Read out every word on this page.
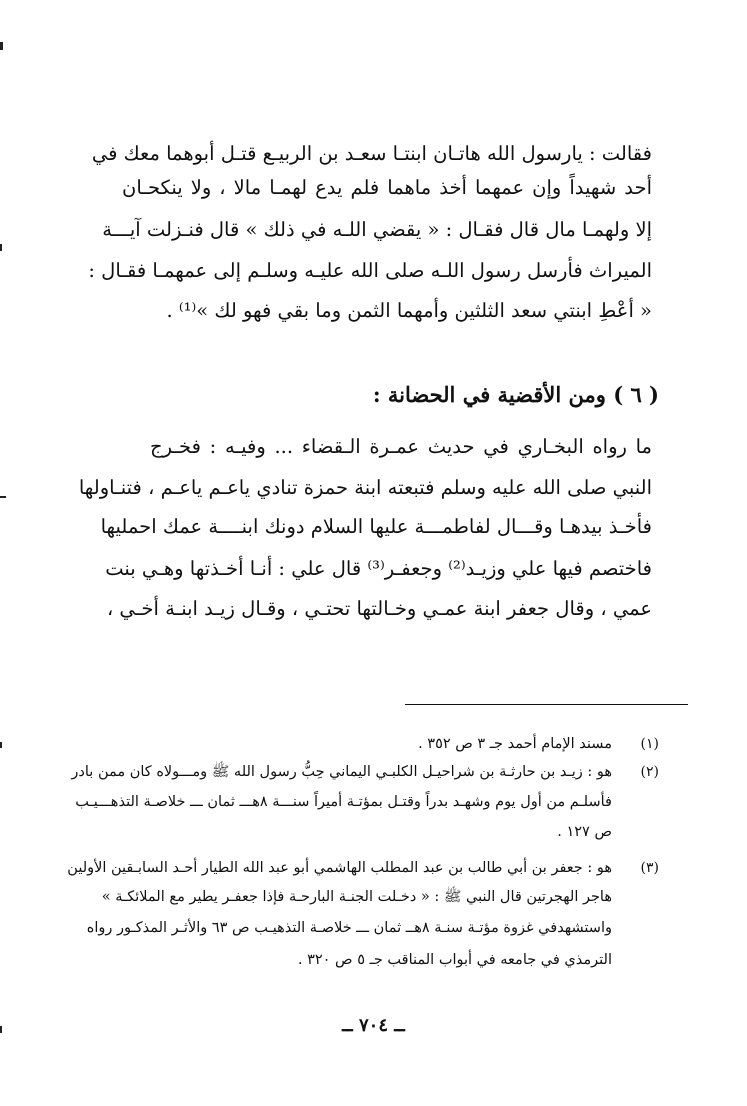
فقالت : يارسول الله هاتـان ابنتـا سعـد بن الربيـع قتـل أبوهما معك في
أحد شهيداً وإن عمهما أخذ ماهما فلم يدع لهمـا مالا ، ولا ينكحـان
إلا ولهمـا مال قال فقـال : « يقضي اللـه في ذلك » قال فنـزلت آيـــة
الميراث فأرسل رسول اللـه صلى الله عليـه وسلـم إلى عمهمـا فقـال :
« أعْطِ ابنتي سعد الثلثين وأمهما الثمن وما بقي فهو لك »⁽¹⁾ .
( ٦ ) ومن الأقضية في الحضانة :
ما رواه البخـاري في حديث عمـرة الـقضاء ... وفيـه : فخـرج
النبي صلى الله عليه وسلم فتبعته ابنة حمزة تنادي ياعـم ياعـم ، فتنـاولها
فأخـذ بيدهـا وقـــال لفاطمـــة عليها السلام دونك ابنــــة عمك احمليها
فاختصم فيها علي وزيـد⁽²⁾ وجعفـر⁽³⁾ قال علي : أنـا أخـذتها وهـي بنت
عمي ، وقال جعفر ابنة عمـي وخـالتها تحتـي ، وقـال زيـد ابنـة أخـي ،
(١)
مسند الإمام أحمد جـ ٣ ص ٣٥٢ .
(٢)
هو : زيـد بن حارثـة بن شراحيـل الكلبـي اليماني حِبُّ رسول الله ﷺ ومـــولاه كان ممن بادر
فأسلـم من أول يوم وشهـد بدراً وقتـل بمؤتـة أميراً سنـــة ٨هـــ ثمان ـــ خلاصـة التذهـــيـب
ص ١٢٧ .
(٣)
هو : جعفر بن أبي طالب بن عبد المطلب الهاشمي أبو عبد الله الطيار أحـد السابـقين الأولين
هاجر الهجرتين قال النبي ﷺ : « دخـلت الجنـة البارحـة فإذا جعفـر يطير مع الملائكـة »
واستشهدفي غزوة مؤتـة سنـة ٨هــ ثمان ـــ خلاصـة التذهيـب ص ٦٣ والأثـر المذكـور رواه
الترمذي في جامعه في أبواب المناقب جـ ٥ ص ٣٢٠ .
ــ ٧٠٤ ــ
